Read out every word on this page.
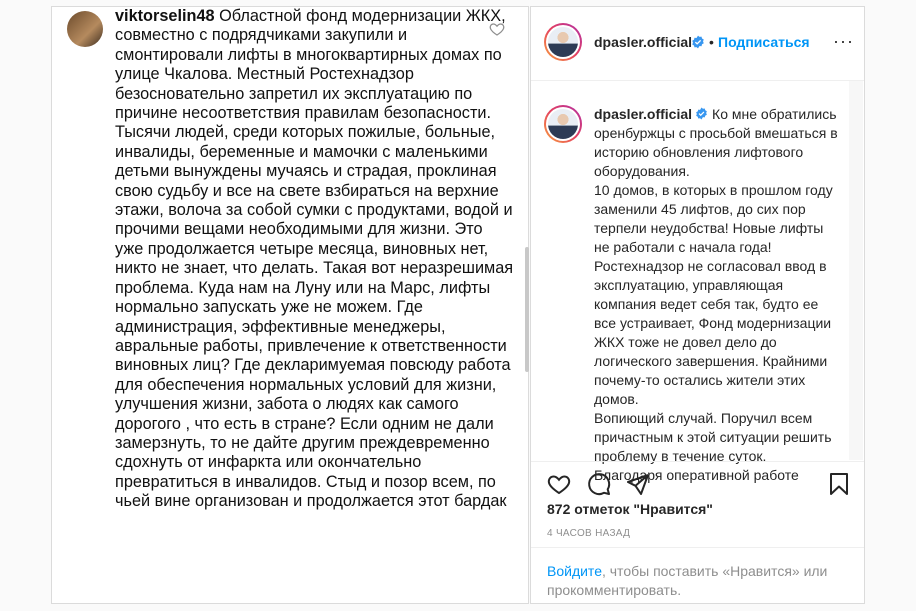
viktorselin48 Областной фонд модернизации ЖКХ, совместно с подрядчиками закупили и смонтировали лифты в многоквартирных домах по улице Чкалова. Местный Ростехнадзор безосновательно запретил их эксплуатацию по причине несоответствия правилам безопасности. Тысячи людей, среди которых пожилые, больные, инвалиды, беременные и мамочки с маленькими детьми вынуждены мучаясь и страдая, проклиная свою судьбу и все на свете взбираться на верхние этажи, волоча за собой сумки с продуктами, водой и прочими вещами необходимыми для жизни. Это уже продолжается четыре месяца, виновных нет, никто не знает, что делать. Такая вот неразрешимая проблема. Куда нам на Луну или на Марс, лифты нормально запускать уже не можем. Где администрация, эффективные менеджеры, авральные работы, привлечение к ответственности виновных лиц? Где декларимуемая повсюду работа для обеспечения нормальных условий для жизни, улучшения жизни, забота о людях как самого дорогого , что есть в стране? Если одним не дали замерзнуть, то не дайте другим преждевременно сдохнуть от инфаркта или окончательно превратиться в инвалидов. Стыд и позор всем, по чьей вине организован и продолжается этот бардак
dpasler.official • Подписаться ···

dpasler.official Ко мне обратились оренбуржцы с просьбой вмешаться в историю обновления лифтового оборудования.

10 домов, в которых в прошлом году заменили 45 лифтов, до сих пор терпели неудобства! Новые лифты не работали с начала года! Ростехнадзор не согласовал ввод в эксплуатацию, управляющая компания ведет себя так, будто ее все устраивает, Фонд модернизации ЖКХ тоже не довел дело до логического завершения. Крайними почему-то остались жители этих домов.

Вопиющий случай. Поручил всем причастным к этой ситуации решить проблему в течение суток.

Благодаря оперативной работе

872 отметок "Нравится"
4 ЧАСОВ НАЗАД
Войдите, чтобы поставить «Нравится» или прокомментировать.
